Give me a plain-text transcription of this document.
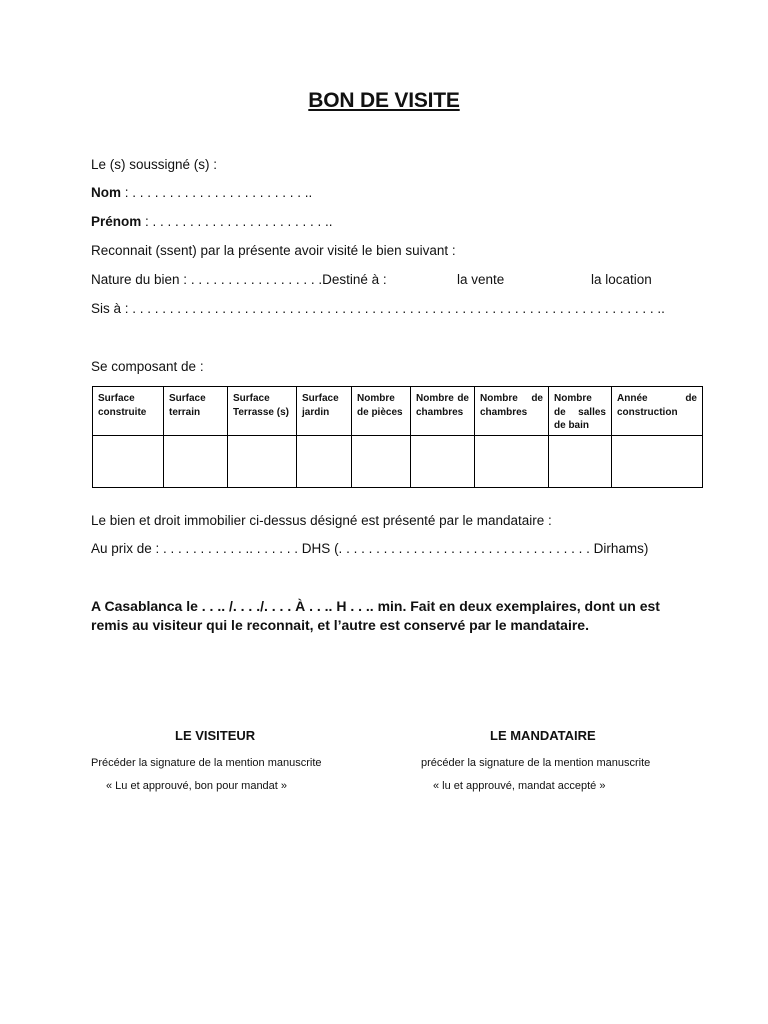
BON DE VISITE
Le (s) soussigné (s) :
Nom : . . . . . . . . . . . . . . . . . . . . . . . ..
Prénom : . . . . . . . . . . . . . . . . . . . . . . . ..
Reconnait (ssent) par la présente avoir visité le bien suivant :
Nature du bien : . . . . . . . . . . . . . . . . . .Destiné à :	la vente	la location
Sis à : . . . . . . . . . . . . . . . . . . . . . . . . . . . . . . . . . . . . . . . . . . . . . . . . . . . . . . . . . . . . . . . . . . . . . . ..
Se composant de :
Surface construite	Surface terrain	Surface Terrasse (s)	Surface jardin	Nombre de pièces	Nombre de chambres	Nombre de chambres	Nombre de salles de bain	Année de construction

Le bien et droit immobilier ci-dessus désigné est présenté par le mandataire :
Au prix de : . . . . . . . . . . . .. . . . . . . DHS (. . . . . . . . . . . . . . . . . . . . . . . . . . . . . . . . . . Dirhams)
A Casablanca le . . .. /. . . ./. . . . À . . .. H . . .. min. Fait en deux exemplaires, dont un est remis au visiteur qui le reconnait, et l’autre est conservé par le mandataire.
LE VISITEUR
Précéder la signature de la mention manuscrite
« Lu et approuvé, bon pour mandat »
LE MANDATAIRE
précéder la signature de la mention manuscrite
« lu et approuvé, mandat accepté »
